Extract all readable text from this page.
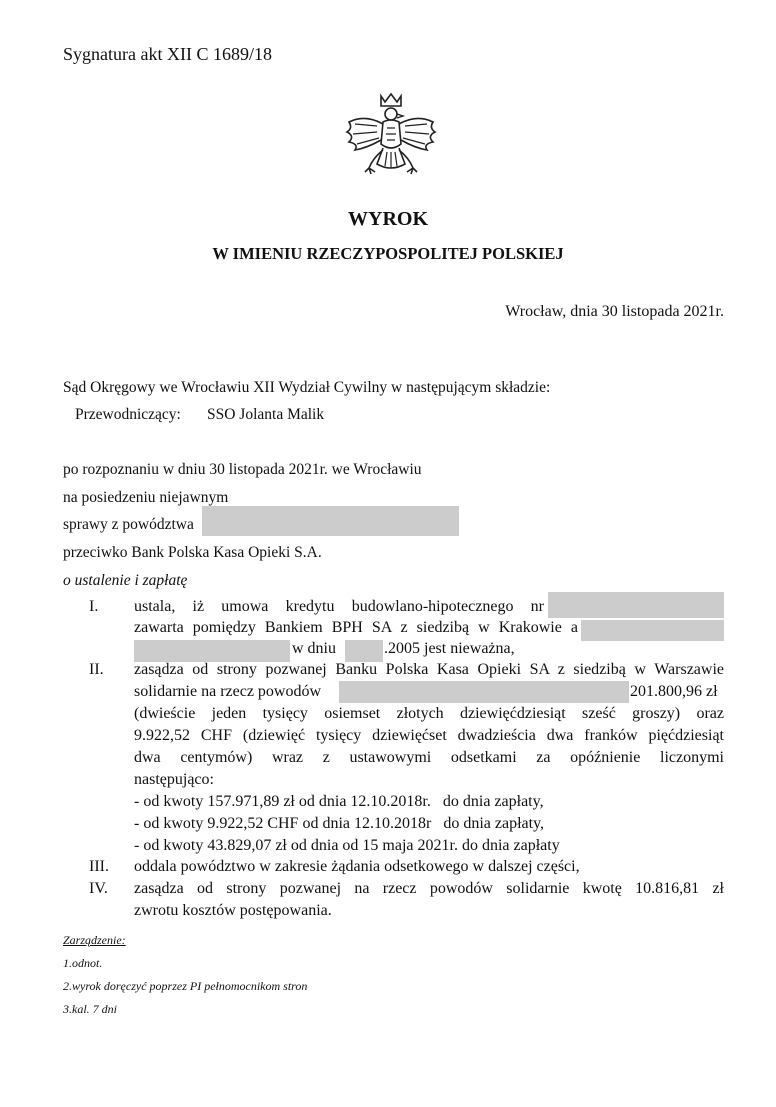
Sygnatura akt XII C 1689/18
WYROK
W IMIENIU RZECZYPOSPOLITEJ POLSKIEJ
Wrocław, dnia 30 listopada 2021r.
Sąd Okręgowy we Wrocławiu XII Wydział Cywilny w następującym składzie:
Przewodniczący: SSO Jolanta Malik
po rozpoznaniu w dniu 30 listopada 2021r. we Wrocławiu
na posiedzeniu niejawnym
sprawy z powództwa
przeciwko Bank Polska Kasa Opieki S.A.
o ustalenie i zapłatę
I. ustala, iż umowa kredytu budowlano-hipotecznego nr
zawarta pomiędzy Bankiem BPH SA z siedzibą w Krakowie a
w dniu	.2005 jest nieważna,
II. zasądza od strony pozwanej Banku Polska Kasa Opieki SA z siedzibą w Warszawie
solidarnie na rzecz powodów	201.800,96 zł
(dwieście jeden tysięcy osiemset złotych dziewięćdziesiąt sześć groszy) oraz
9.922,52 CHF (dziewięć tysięcy dziewięćset dwadzieścia dwa franków pięćdziesiąt
dwa centymów) wraz z ustawowymi odsetkami za opóźnienie liczonymi
następująco:
- od kwoty 157.971,89 zł od dnia 12.10.2018r.   do dnia zapłaty,
- od kwoty 9.922,52 CHF od dnia 12.10.2018r   do dnia zapłaty,
- od kwoty 43.829,07 zł od dnia od 15 maja 2021r. do dnia zapłaty
III. oddala powództwo w zakresie żądania odsetkowego w dalszej części,
IV. zasądza od strony pozwanej na rzecz powodów solidarnie kwotę 10.816,81 zł
zwrotu kosztów postępowania.
Zarządzenie:
1.odnot.
2.wyrok doręczyć poprzez PI pełnomocnikom stron
3.kal. 7 dni
